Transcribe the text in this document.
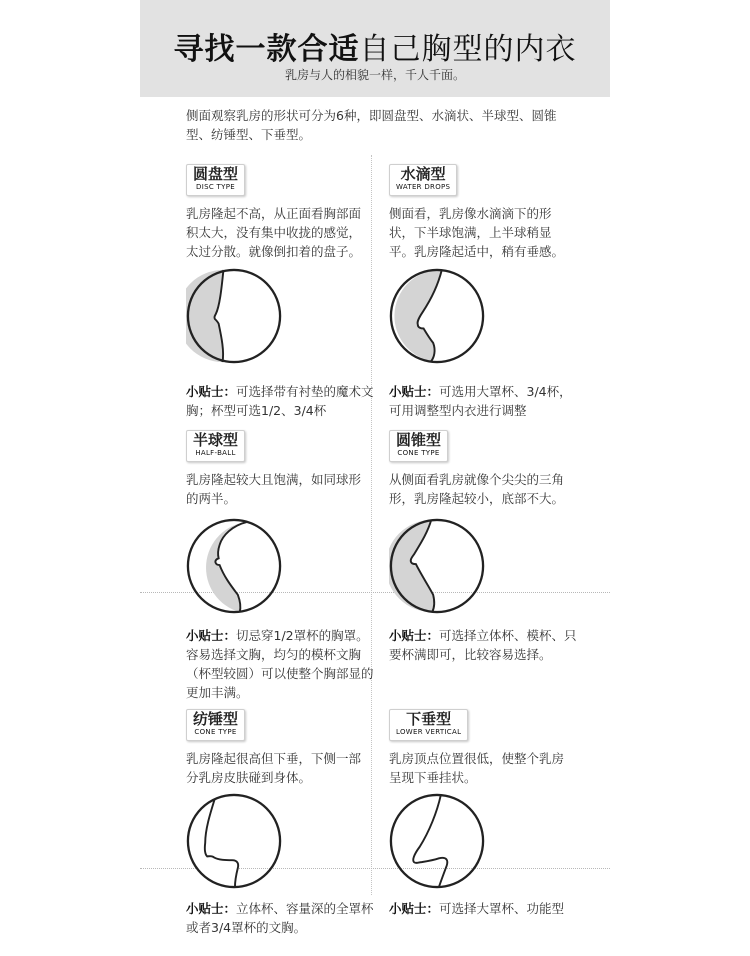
寻找一款合适自己胸型的内衣
乳房与人的相貌一样，千人千面。
侧面观察乳房的形状可分为6种，即圆盘型、水滴状、半球型、圆锥型、纺锤型、下垂型。
圆盘型
DISC TYPE
乳房隆起不高，从正面看胸部面积太大，没有集中收拢的感觉，太过分散。就像倒扣着的盘子。
小贴士：可选择带有衬垫的魔术文胸；杯型可选1/2、3/4杯
水滴型
WATER DROPS
侧面看，乳房像水滴滴下的形状，下半球饱满，上半球稍显平。乳房隆起适中，稍有垂感。
小贴士：可选用大罩杯、3/4杯，可用调整型内衣进行调整
半球型
HALF-BALL
乳房隆起较大且饱满，如同球形的两半。
小贴士：切忌穿1/2罩杯的胸罩。容易选择文胸，均匀的模杯文胸（杯型较圆）可以使整个胸部显的更加丰满。
圆锥型
CONE TYPE
从侧面看乳房就像个尖尖的三角形，乳房隆起较小，底部不大。
小贴士：可选择立体杯、模杯、只要杯满即可，比较容易选择。
纺锤型
CONE TYPE
乳房隆起很高但下垂，下侧一部分乳房皮肤碰到身体。
小贴士：立体杯、容量深的全罩杯或者3/4罩杯的文胸。
下垂型
LOWER VERTICAL
乳房顶点位置很低，使整个乳房呈现下垂挂状。
小贴士：可选择大罩杯、功能型
